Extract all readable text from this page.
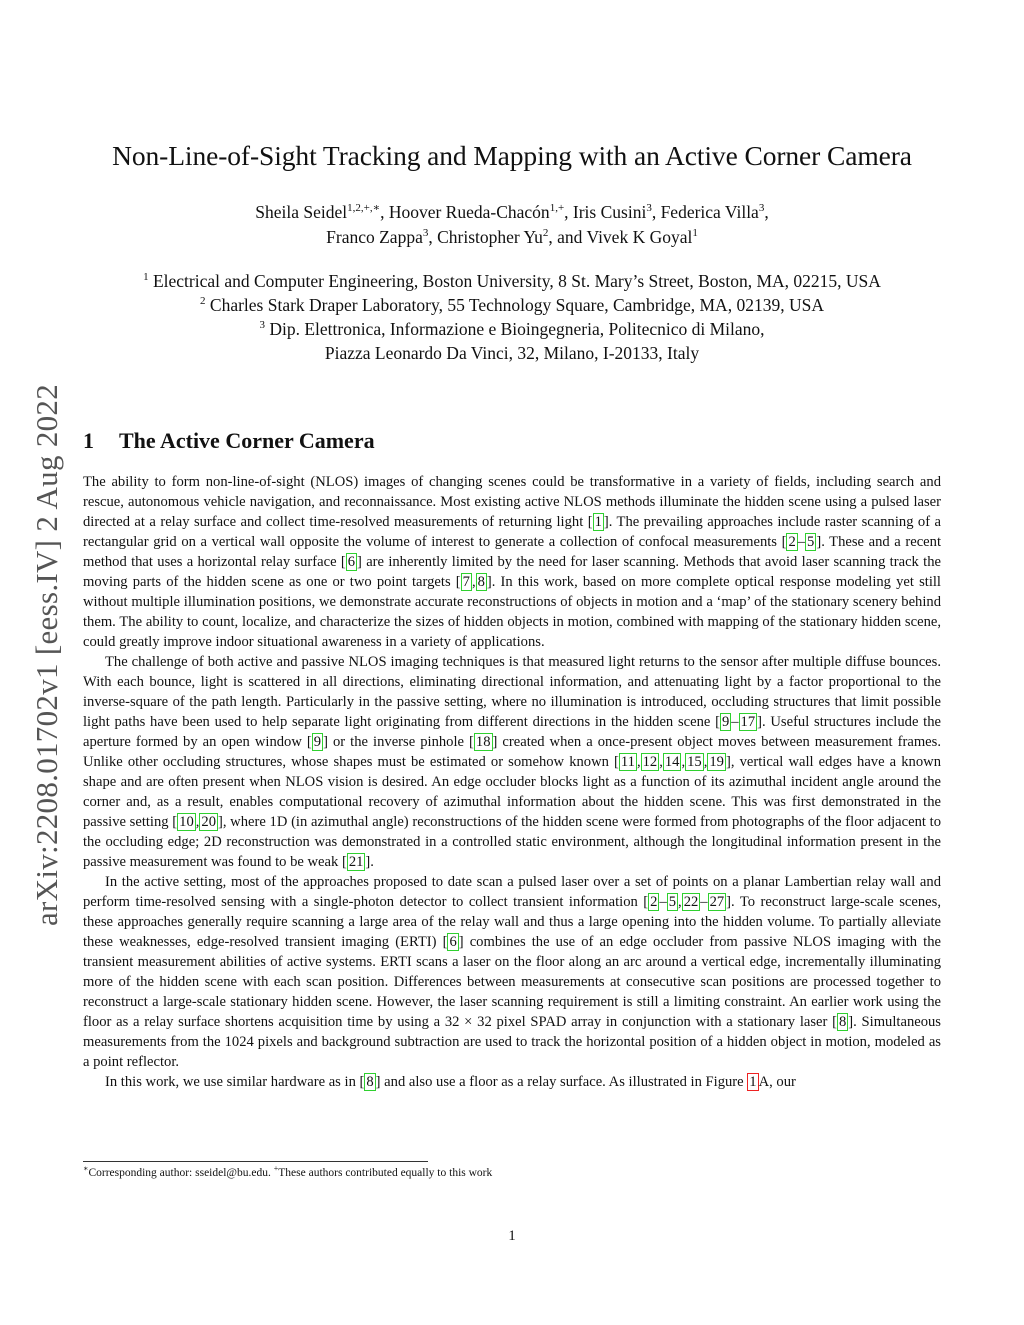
arXiv:2208.01702v1 [eess.IV] 2 Aug 2022
Non-Line-of-Sight Tracking and Mapping with an Active Corner Camera
Sheila Seidel$^{1,2,+,∗}$, Hoover Rueda-Chacón$^{1,+}$, Iris Cusini$^3$, Federica Villa$^3$,
Franco Zappa$^3$, Christopher Yu$^2$, and Vivek K Goyal$^1$
$^1$ Electrical and Computer Engineering, Boston University, 8 St. Mary’s Street, Boston, MA, 02215, USA
$^2$ Charles Stark Draper Laboratory, 55 Technology Square, Cambridge, MA, 02139, USA
$^3$ Dip. Elettronica, Informazione e Bioingegneria, Politecnico di Milano,
Piazza Leonardo Da Vinci, 32, Milano, I-20133, Italy
1 The Active Corner Camera

The ability to form non-line-of-sight (NLOS) images of changing scenes could be transformative in a variety of fields, including search and rescue, autonomous vehicle navigation, and reconnaissance. Most existing active NLOS methods illuminate the hidden scene using a pulsed laser directed at a relay surface and collect time-resolved measurements of returning light [ 1 ]. The prevailing approaches include raster scanning of a rectangular grid on a vertical wall opposite the volume of interest to generate a collection of confocal measurements [ 2 – 5 ]. These and a recent method that uses a horizontal relay surface [ 6 ] are inherently limited by the need for laser scanning. Methods that avoid laser scanning track the moving parts of the hidden scene as one or two point targets [ 7 , 8 ]. In this work, based on more complete optical response modeling yet still without multiple illumination positions, we demonstrate accurate reconstructions of objects in motion and a ‘map’ of the stationary scenery behind them. The ability to count, localize, and characterize the sizes of hidden objects in motion, combined with mapping of the stationary hidden scene, could greatly improve indoor situational awareness in a variety of applications.

The challenge of both active and passive NLOS imaging techniques is that measured light returns to the sensor after multiple diffuse bounces. With each bounce, light is scattered in all directions, eliminating directional information, and attenuating light by a factor proportional to the inverse-square of the path length. Particularly in the passive setting, where no illumination is introduced, occluding structures that limit possible light paths have been used to help separate light originating from different directions in the hidden scene [ 9 – 17 ]. Useful structures include the aperture formed by an open window [ 9 ] or the inverse pinhole [ 18 ] created when a once-present object moves between measurement frames. Unlike other occluding structures, whose shapes must be estimated or somehow known [ 11 , 12 , 14 , 15 , 19 ], vertical wall edges have a known shape and are often present when NLOS vision is desired. An edge occluder blocks light as a function of its azimuthal incident angle around the corner and, as a result, enables computational recovery of azimuthal information about the hidden scene. This was first demonstrated in the passive setting [ 10 , 20 ], where 1D (in azimuthal angle) reconstructions of the hidden scene were formed from photographs of the floor adjacent to the occluding edge; 2D reconstruction was demonstrated in a controlled static environment, although the longitudinal information present in the passive measurement was found to be weak [ 21 ].

In the active setting, most of the approaches proposed to date scan a pulsed laser over a set of points on a planar Lambertian relay wall and perform time-resolved sensing with a single-photon detector to collect transient information [ 2 – 5 , 22 – 27 ]. To reconstruct large-scale scenes, these approaches generally require scanning a large area of the relay wall and thus a large opening into the hidden volume. To partially alleviate these weaknesses, edge-resolved transient imaging (ERTI) [ 6 ] combines the use of an edge occluder from passive NLOS imaging with the transient measurement abilities of active systems. ERTI scans a laser on the floor along an arc around a vertical edge, incrementally illuminating more of the hidden scene with each scan position. Differences between measurements at consecutive scan positions are processed together to reconstruct a large-scale stationary hidden scene. However, the laser scanning requirement is still a limiting constraint. An earlier work using the floor as a relay surface shortens acquisition time by using a 32 × 32 pixel SPAD array in conjunction with a stationary laser [ 8 ]. Simultaneous measurements from the 1024 pixels and background subtraction are used to track the horizontal position of a hidden object in motion, modeled as a point reflector.

In this work, we use similar hardware as in [ 8 ] and also use a floor as a relay surface. As illustrated in Figure 1 A, our

∗Corresponding author: sseidel@bu.edu. +These authors contributed equally to this work
1
